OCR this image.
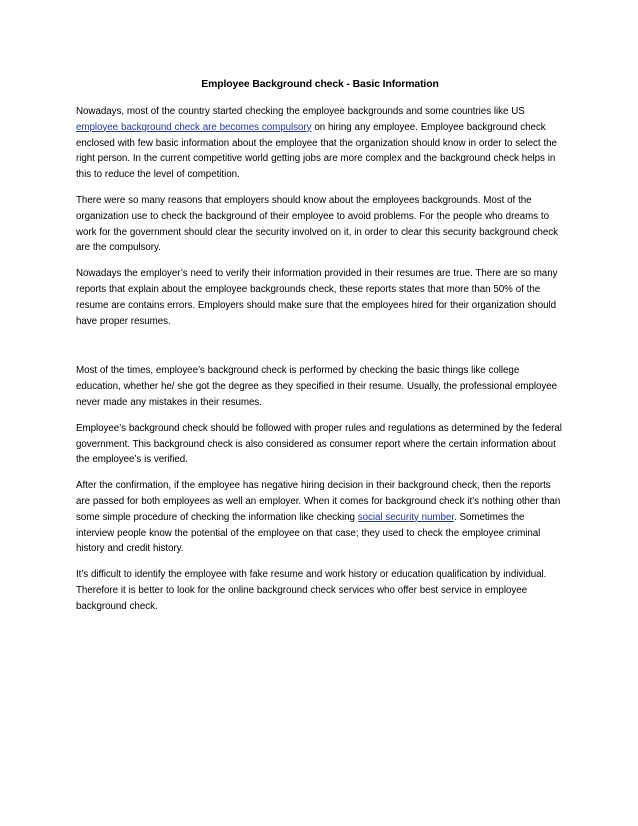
Employee Background check - Basic Information

Nowadays, most of the country started checking the employee backgrounds and some countries like US employee background check are becomes compulsory on hiring any employee. Employee background check enclosed with few basic information about the employee that the organization should know in order to select the right person. In the current competitive world getting jobs are more complex and the background check helps in this to reduce the level of competition.

There were so many reasons that employers should know about the employees backgrounds. Most of the organization use to check the background of their employee to avoid problems. For the people who dreams to work for the government should clear the security involved on it, in order to clear this security background check are the compulsory.

Nowadays the employer’s need to verify their information provided in their resumes are true. There are so many reports that explain about the employee backgrounds check, these reports states that more than 50% of the resume are contains errors. Employers should make sure that the employees hired for their organization should have proper resumes.

Most of the times, employee’s background check is performed by checking the basic things like college education, whether he/ she got the degree as they specified in their resume. Usually, the professional employee never made any mistakes in their resumes.

Employee’s background check should be followed with proper rules and regulations as determined by the federal government. This background check is also considered as consumer report where the certain information about the employee’s is verified.

After the confirmation, if the employee has negative hiring decision in their background check, then the reports are passed for both employees as well an employer. When it comes for background check it’s nothing other than some simple procedure of checking the information like checking social security number. Sometimes the interview people know the potential of the employee on that case; they used to check the employee criminal history and credit history.

It’s difficult to identify the employee with fake resume and work history or education qualification by individual. Therefore it is better to look for the online background check services who offer best service in employee background check.
